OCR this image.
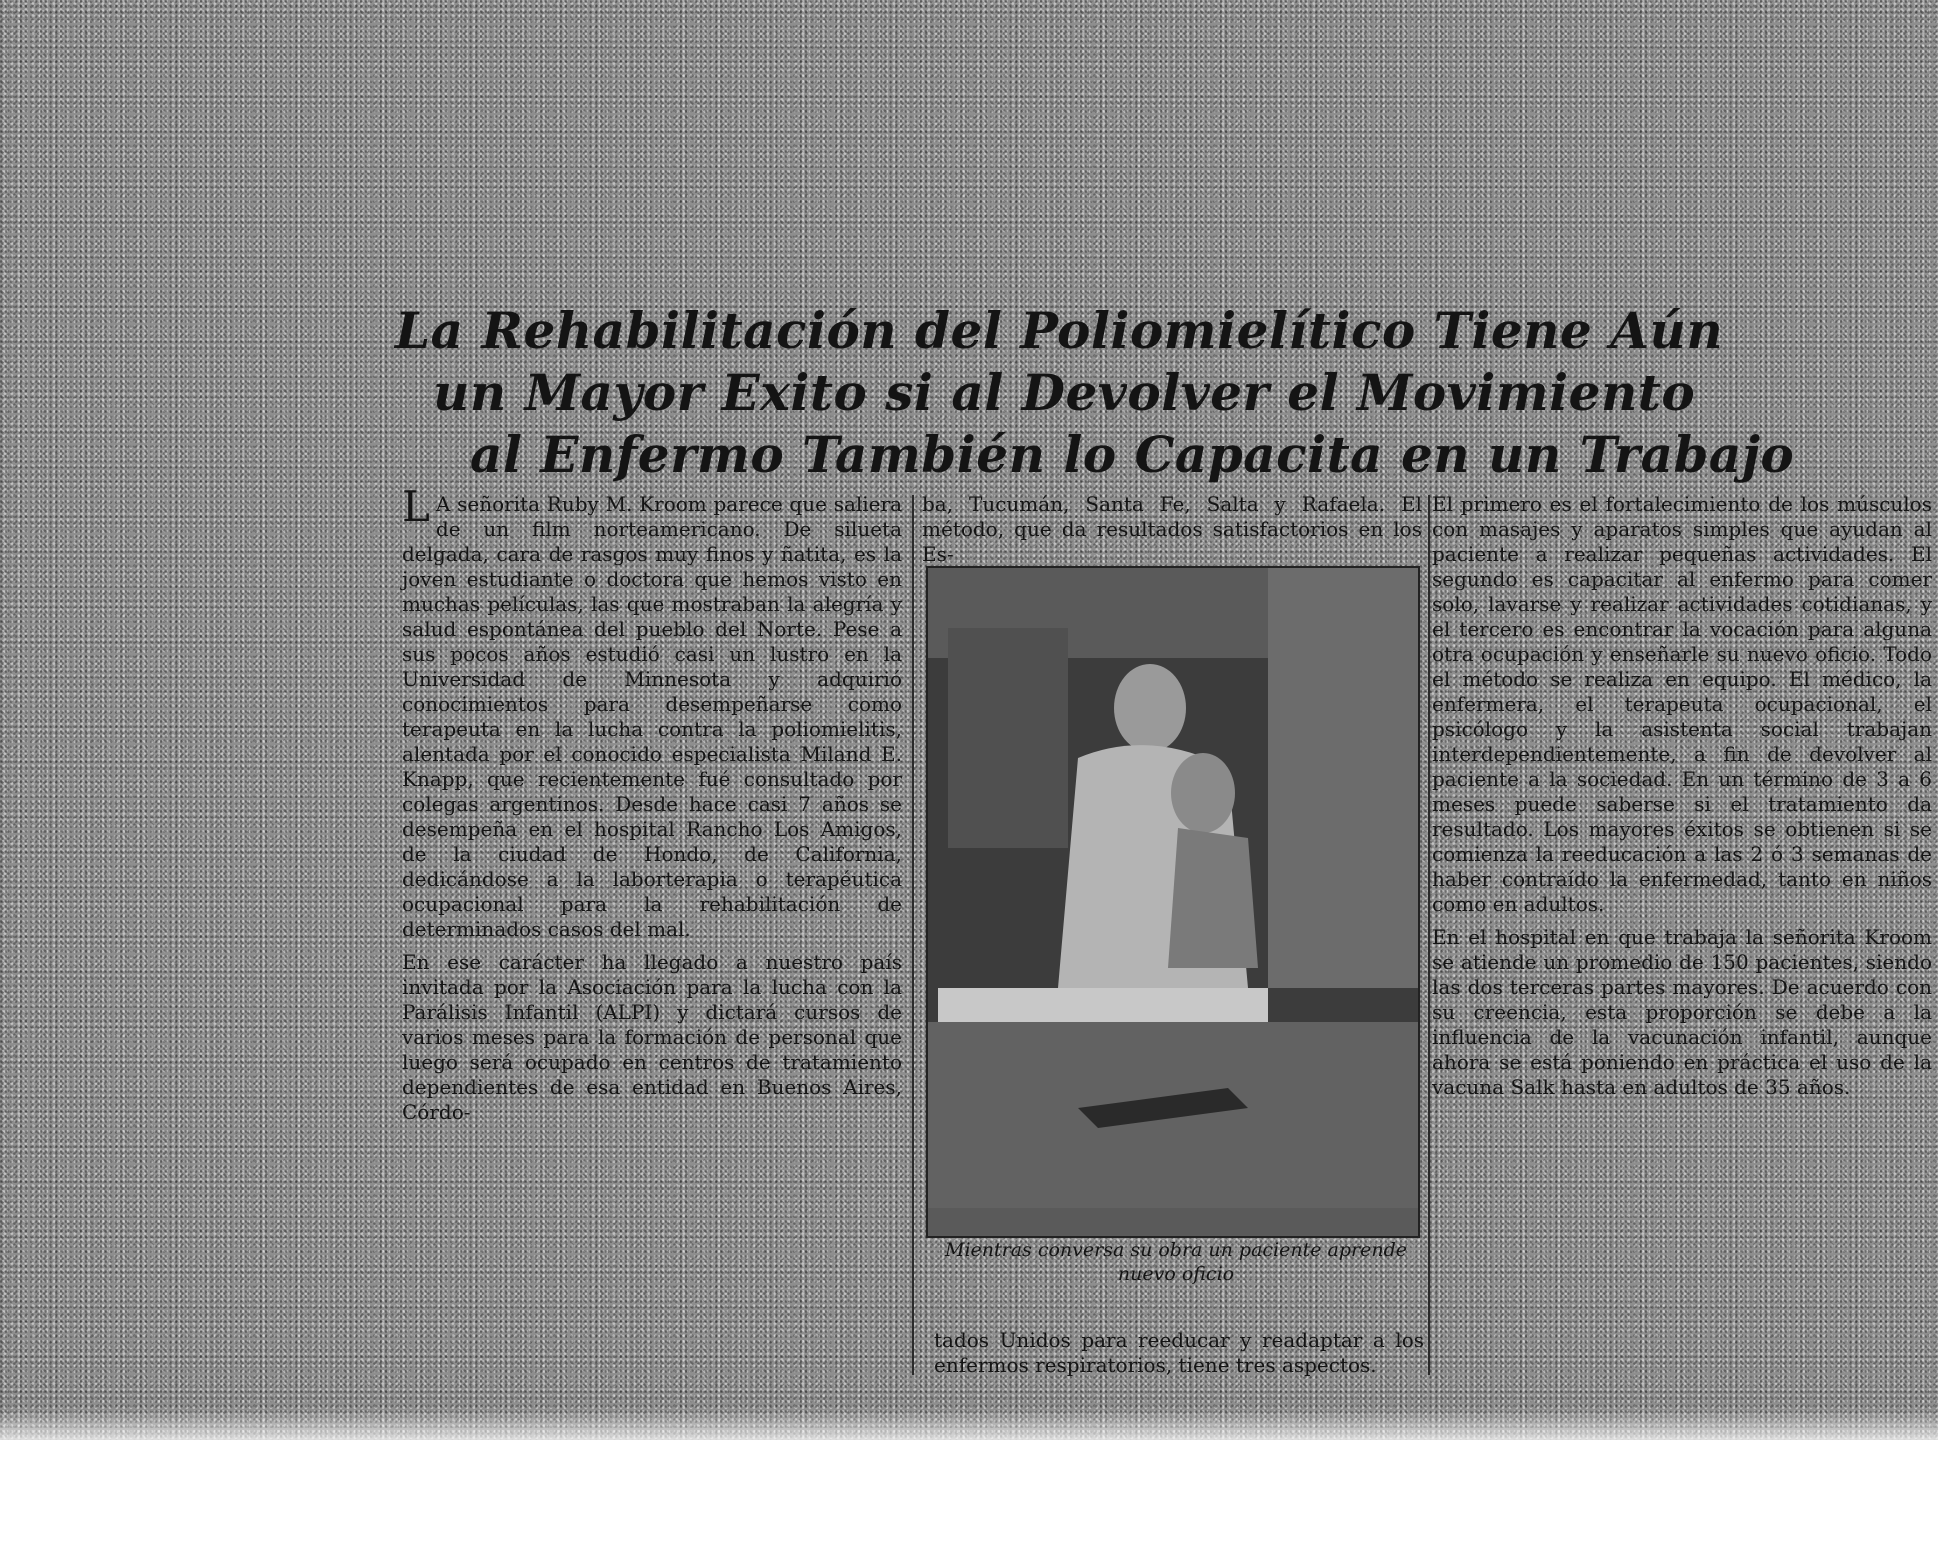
La Rehabilitación del Poliomielítico Tiene Aún
un Mayor Exito si al Devolver el Movimiento
al Enfermo También lo Capacita en un Trabajo

L A señorita Ruby M. Kroom parece que saliera de un film norteamericano. De silueta delgada, cara de rasgos muy finos y ñatita, es la joven estudiante o doctora que hemos visto en muchas películas, las que mostraban la alegría y salud espontánea del pueblo del Norte. Pese a sus pocos años estudió casi un lustro en la Universidad de Minnesota y adquirió conocimientos para desempeñarse como terapeuta en la lucha contra la poliomielitis, alentada por el conocido especialista Miland E. Knapp, que recientemente fué consultado por colegas argentinos. Desde hace casi 7 años se desempeña en el hospital Rancho Los Amigos, de la ciudad de Hondo, de California, dedicándose a la laborterapia o terapéutica ocupacional para la rehabilitación de determinados casos del mal.

En ese carácter ha llegado a nuestro país invitada por la Asociación para la lucha con la Parálisis Infantil (ALPI) y dictará cursos de varios meses para la formación de personal que luego será ocupado en centros de tratamiento dependientes de esa entidad en Buenos Aires, Córdo-

ba, Tucumán, Santa Fe, Salta y Rafaela. El método, que da resultados satisfactorios en los Es-

Mientras conversa su obra un paciente aprende nuevo oficio
tados Unidos para reeducar y readaptar a los enfermos respiratorios, tiene tres aspectos.

El primero es el fortalecimiento de los músculos con masajes y aparatos simples que ayudan al paciente a realizar pequeñas actividades. El segundo es capacitar al enfermo para comer solo, lavarse y realizar actividades cotidianas, y el tercero es encontrar la vocación para alguna otra ocupación y enseñarle su nuevo oficio. Todo el método se realiza en equipo. El médico, la enfermera, el terapeuta ocupacional, el psicólogo y la asistenta social trabajan interdependientemente, a fin de devolver al paciente a la sociedad. En un término de 3 a 6 meses puede saberse si el tratamiento da resultado. Los mayores éxitos se obtienen si se comienza la reeducación a las 2 ó 3 semanas de haber contraído la enfermedad, tanto en niños como en adultos.

En el hospital en que trabaja la señorita Kroom se atiende un promedio de 150 pacientes, siendo las dos terceras partes mayores. De acuerdo con su creencia, esta proporción se debe a la influencia de la vacunación infantil, aunque ahora se está poniendo en práctica el uso de la vacuna Salk hasta en adultos de 35 años.
